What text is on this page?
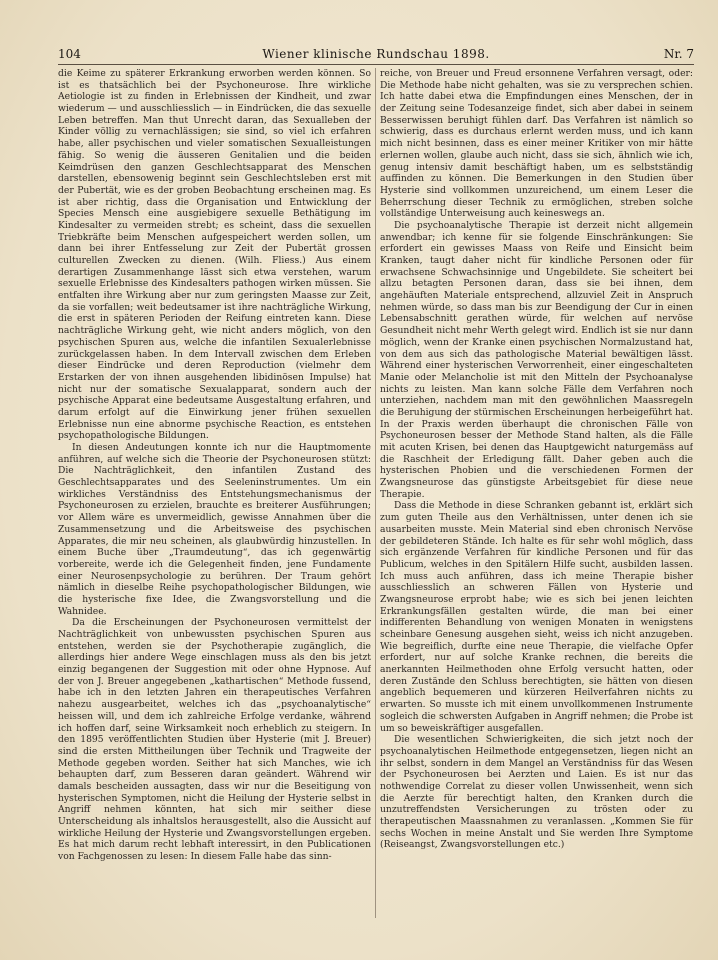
104	Wiener klinische Rundschau 1898.	Nr. 7

die Keime zu späterer Erkrankung erworben werden können. So ist es thatsächlich bei der Psychoneurose. Ihre wirkliche Aetiologie ist zu finden in Erlebnissen der Kindheit, und zwar wiederum — und ausschliesslich — in Eindrücken, die das sexuelle Leben betreffen. Man thut Unrecht daran, das Sexualleben der Kinder völlig zu vernachlässigen; sie sind, so viel ich erfahren habe, aller psychischen und vieler somatischen Sexualleistungen fähig. So wenig die äusseren Genitalien und die beiden Keimdrüsen den ganzen Geschlechtsapparat des Menschen darstellen, ebensowenig beginnt sein Geschlechtsleben erst mit der Pubertät, wie es der groben Beobachtung erscheinen mag. Es ist aber richtig, dass die Organisation und Entwicklung der Species Mensch eine ausgiebigere sexuelle Bethätigung im Kindesalter zu vermeiden strebt; es scheint, dass die sexuellen Triebkräfte beim Menschen aufgespeichert werden sollen, um dann bei ihrer Entfesselung zur Zeit der Pubertät grossen culturellen Zwecken zu dienen. (Wilh. Fliess.) Aus einem derartigen Zusammenhange lässt sich etwa verstehen, warum sexuelle Erlebnisse des Kindesalters pathogen wirken müssen. Sie entfalten ihre Wirkung aber nur zum geringsten Maasse zur Zeit, da sie vorfallen; weit bedeutsamer ist ihre nachträgliche Wirkung, die erst in späteren Perioden der Reifung eintreten kann. Diese nachträgliche Wirkung geht, wie nicht anders möglich, von den psychischen Spuren aus, welche die infantilen Sexualerlebnisse zurückgelassen haben. In dem Intervall zwischen dem Erleben dieser Eindrücke und deren Reproduction (vielmehr dem Erstarken der von ihnen ausgehenden libidinösen Impulse) hat nicht nur der somatische Sexualapparat, sondern auch der psychische Apparat eine bedeutsame Ausgestaltung erfahren, und darum erfolgt auf die Einwirkung jener frühen sexuellen Erlebnisse nun eine abnorme psychische Reaction, es entstehen psychopathologische Bildungen.

In diesen Andeutungen konnte ich nur die Hauptmomente anführen, auf welche sich die Theorie der Psychoneurosen stützt: Die Nachträglichkeit, den infantilen Zustand des Geschlechtsapparates und des Seeleninstrumentes. Um ein wirkliches Verständniss des Entstehungsmechanismus der Psychoneurosen zu erzielen, brauchte es breiterer Ausführungen; vor Allem wäre es unvermeidlich, gewisse Annahmen über die Zusammensetzung und die Arbeitsweise des psychischen Apparates, die mir neu scheinen, als glaubwürdig hinzustellen. In einem Buche über „Traumdeutung“, das ich gegenwärtig vorbereite, werde ich die Gelegenheit finden, jene Fundamente einer Neurosenpsychologie zu berühren. Der Traum gehört nämlich in dieselbe Reihe psychopathologischer Bildungen, wie die hysterische fixe Idee, die Zwangsvorstellung und die Wahnidee.

Da die Erscheinungen der Psychoneurosen vermittelst der Nachträglichkeit von unbewussten psychischen Spuren aus entstehen, werden sie der Psychotherapie zugänglich, die allerdings hier andere Wege einschlagen muss als den bis jetzt einzig begangenen der Suggestion mit oder ohne Hypnose. Auf der von J. Breuer angegebenen „kathartischen“ Methode fussend, habe ich in den letzten Jahren ein therapeutisches Verfahren nahezu ausgearbeitet, welches ich das „psychoanalytische“ heissen will, und dem ich zahlreiche Erfolge verdanke, während ich hoffen darf, seine Wirksamkeit noch erheblich zu steigern. In den 1895 veröffentlichten Studien über Hysterie (mit J. Breuer) sind die ersten Mittheilungen über Technik und Tragweite der Methode gegeben worden. Seither hat sich Manches, wie ich behaupten darf, zum Besseren daran geändert. Während wir damals bescheiden aussagten, dass wir nur die Beseitigung von hysterischen Symptomen, nicht die Heilung der Hysterie selbst in Angriff nehmen könnten, hat sich mir seither diese Unterscheidung als inhaltslos herausgestellt, also die Aussicht auf wirkliche Heilung der Hysterie und Zwangsvorstellungen ergeben. Es hat mich darum recht lebhaft interessirt, in den Publicationen von Fachgenossen zu lesen: In diesem Falle habe das sinn-

reiche, von Breuer und Freud ersonnene Verfahren versagt, oder: Die Methode habe nicht gehalten, was sie zu versprechen schien. Ich hatte dabei etwa die Empfindungen eines Menschen, der in der Zeitung seine Todesanzeige findet, sich aber dabei in seinem Besserwissen beruhigt fühlen darf. Das Verfahren ist nämlich so schwierig, dass es durchaus erlernt werden muss, und ich kann mich nicht besinnen, dass es einer meiner Kritiker von mir hätte erlernen wollen, glaube auch nicht, dass sie sich, ähnlich wie ich, genug intensiv damit beschäftigt haben, um es selbstständig auffinden zu können. Die Bemerkungen in den Studien über Hysterie sind vollkommen unzureichend, um einem Leser die Beherrschung dieser Technik zu ermöglichen, streben solche vollständige Unterweisung auch keineswegs an.

Die psychoanalytische Therapie ist derzeit nicht allgemein anwendbar; ich kenne für sie folgende Einschränkungen: Sie erfordert ein gewisses Maass von Reife und Einsicht beim Kranken, taugt daher nicht für kindliche Personen oder für erwachsene Schwachsinnige und Ungebildete. Sie scheitert bei allzu betagten Personen daran, dass sie bei ihnen, dem angehäuften Materiale entsprechend, allzuviel Zeit in Anspruch nehmen würde, so dass man bis zur Beendigung der Cur in einen Lebensabschnitt gerathen würde, für welchen auf nervöse Gesundheit nicht mehr Werth gelegt wird. Endlich ist sie nur dann möglich, wenn der Kranke einen psychischen Normalzustand hat, von dem aus sich das pathologische Material bewältigen lässt. Während einer hysterischen Verworrenheit, einer eingeschalteten Manie oder Melancholie ist mit den Mitteln der Psychoanalyse nichts zu leisten. Man kann solche Fälle dem Verfahren noch unterziehen, nachdem man mit den gewöhnlichen Maassregeln die Beruhigung der stürmischen Erscheinungen herbeigeführt hat. In der Praxis werden überhaupt die chronischen Fälle von Psychoneurosen besser der Methode Stand halten, als die Fälle mit acuten Krisen, bei denen das Hauptgewicht naturgemäss auf die Raschheit der Erledigung fällt. Daher geben auch die hysterischen Phobien und die verschiedenen Formen der Zwangsneurose das günstigste Arbeitsgebiet für diese neue Therapie.

Dass die Methode in diese Schranken gebannt ist, erklärt sich zum guten Theile aus den Verhältnissen, unter denen ich sie ausarbeiten musste. Mein Material sind eben chronisch Nervöse der gebildeteren Stände. Ich halte es für sehr wohl möglich, dass sich ergänzende Verfahren für kindliche Personen und für das Publicum, welches in den Spitälern Hilfe sucht, ausbilden lassen. Ich muss auch anführen, dass ich meine Therapie bisher ausschliesslich an schweren Fällen von Hysterie und Zwangsneurose erprobt habe; wie es sich bei jenen leichten Erkrankungsfällen gestalten würde, die man bei einer indifferenten Behandlung von wenigen Monaten in wenigstens scheinbare Genesung ausgehen sieht, weiss ich nicht anzugeben. Wie begreiflich, durfte eine neue Therapie, die vielfache Opfer erfordert, nur auf solche Kranke rechnen, die bereits die anerkannten Heilmethoden ohne Erfolg versucht hatten, oder deren Zustände den Schluss berechtigten, sie hätten von diesen angeblich bequemeren und kürzeren Heilverfahren nichts zu erwarten. So musste ich mit einem unvollkommenen Instrumente sogleich die schwersten Aufgaben in Angriff nehmen; die Probe ist um so beweiskräftiger ausgefallen.

Die wesentlichen Schwierigkeiten, die sich jetzt noch der psychoanalytischen Heilmethode entgegensetzen, liegen nicht an ihr selbst, sondern in dem Mangel an Verständniss für das Wesen der Psychoneurosen bei Aerzten und Laien. Es ist nur das nothwendige Correlat zu dieser vollen Unwissenheit, wenn sich die Aerzte für berechtigt halten, den Kranken durch die unzutreffendsten Versicherungen zu trösten oder zu therapeutischen Maassnahmen zu veranlassen. „Kommen Sie für sechs Wochen in meine Anstalt und Sie werden Ihre Symptome (Reiseangst, Zwangsvorstellungen etc.)
